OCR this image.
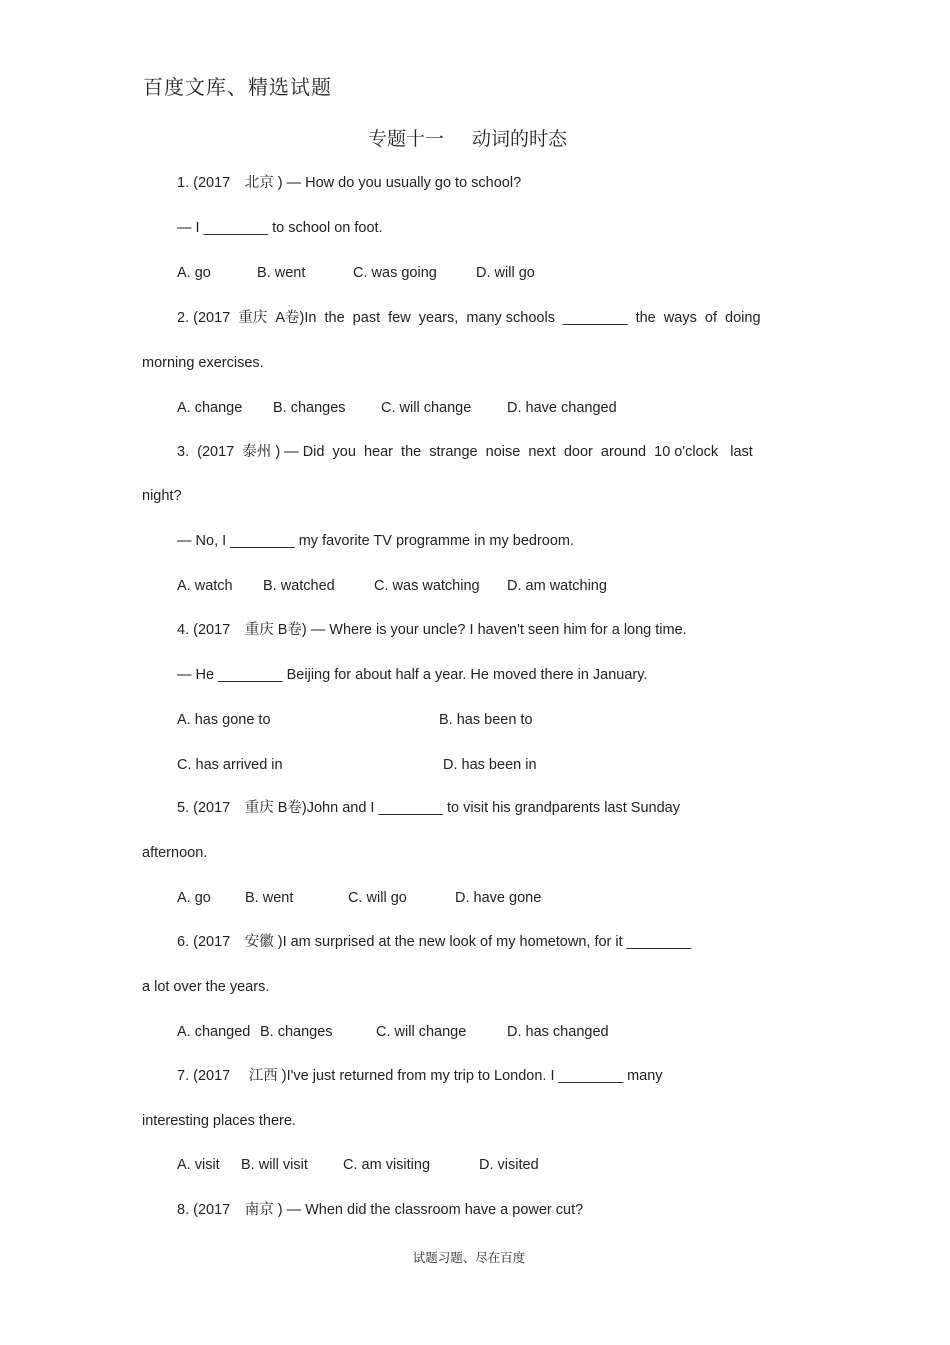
百度文库、精选试题
专题十一 动词的时态
1. (2017　北京 ) — How do you usually go to school?
— I ________ to school on foot.
A. go	B. went	C. was going	D. will go
2. (2017  重庆  A卷)In  the  past  few  years,  many schools  ________  the  ways  of  doing
morning exercises.
A. change B. changes C. will change D. have changed
3.  (2017  泰州 ) — Did  you  hear  the  strange  noise  next  door  around  10 o'clock   last
night?
— No, I ________ my favorite TV programme in my bedroom.
A. watch B. watched	C. was watching D. am watching
4. (2017　重庆 B卷) — Where is your uncle? I haven't seen him for a long time.
— He ________ Beijing for about half a year. He moved there in January.
A. has gone to	B. has been to
C. has arrived in	D. has been in
5. (2017　重庆 B卷)John and I ________ to visit his grandparents last Sunday
afternoon.
A. go B. went	C. will go	D. have gone
6. (2017　安徽 )I am surprised at the new look of my hometown, for it ________
a lot over the years.
A. changed B. changes	C. will change	D. has changed
7. (2017　 江西 )I've just returned from my trip to London. I ________ many
interesting places there.
A. visit B. will visit C. am visiting	D. visited
8. (2017　南京 ) — When did the classroom have a power cut?
试题习题、尽在百度
